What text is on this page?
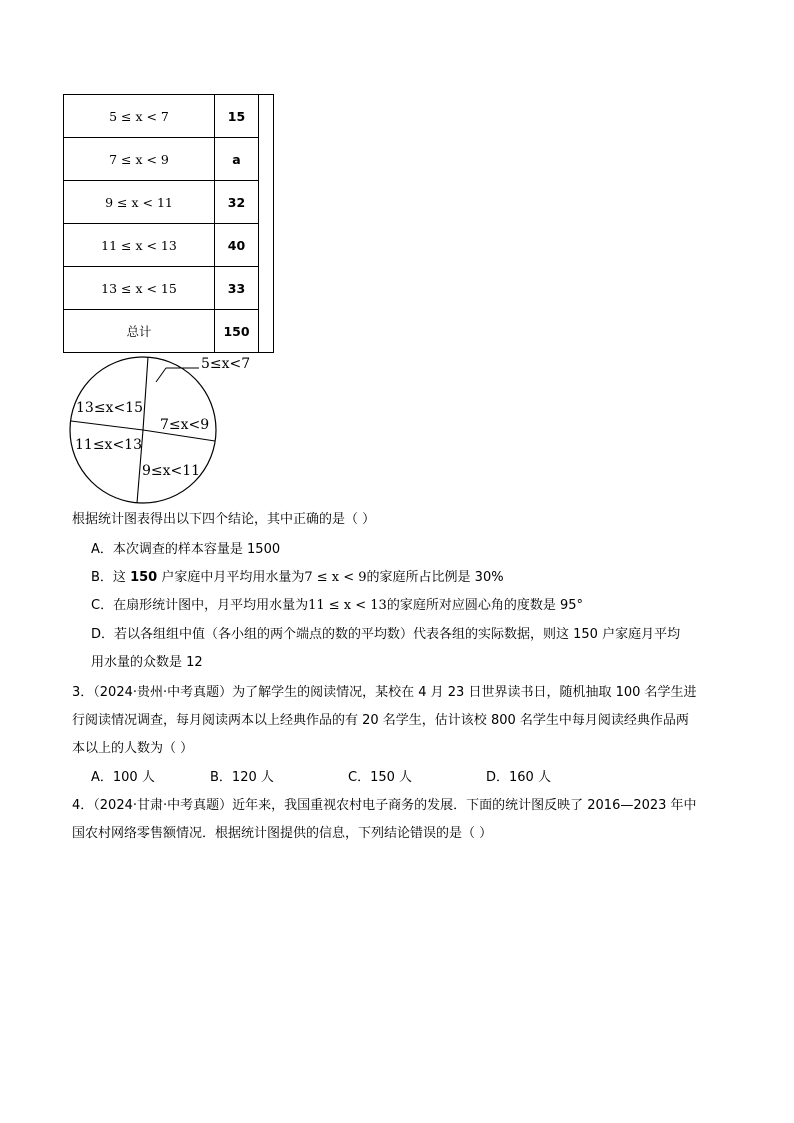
5 ≤ x < 7	15	
7 ≤ x < 9	a	
9 ≤ x < 11	32	
11 ≤ x < 13	40	
13 ≤ x < 15	33	
总计	150	
5≤x<7
7≤x<9
9≤x<11
11≤x<13
13≤x<15
根据统计图表得出以下四个结论，其中正确的是（ ）
A．本次调查的样本容量是 1500
B．这 150 户家庭中月平均用水量为7 ≤ x < 9的家庭所占比例是 30%
C．在扇形统计图中，月平均用水量为11 ≤ x < 13的家庭所对应圆心角的度数是 95°
D．若以各组组中值（各小组的两个端点的数的平均数）代表各组的实际数据，则这 150 户家庭月平均
用水量的众数是 12
3．（2024·贵州·中考真题）为了解学生的阅读情况，某校在 4 月 23 日世界读书日，随机抽取 100 名学生进
行阅读情况调查，每月阅读两本以上经典作品的有 20 名学生，估计该校 800 名学生中每月阅读经典作品两
本以上的人数为（ ）
A．100 人	B．120 人	C．150 人	D．160 人
4．（2024·甘肃·中考真题）近年来，我国重视农村电子商务的发展．下面的统计图反映了 2016—2023 年中
国农村网络零售额情况．根据统计图提供的信息，下列结论错误的是（ ）
